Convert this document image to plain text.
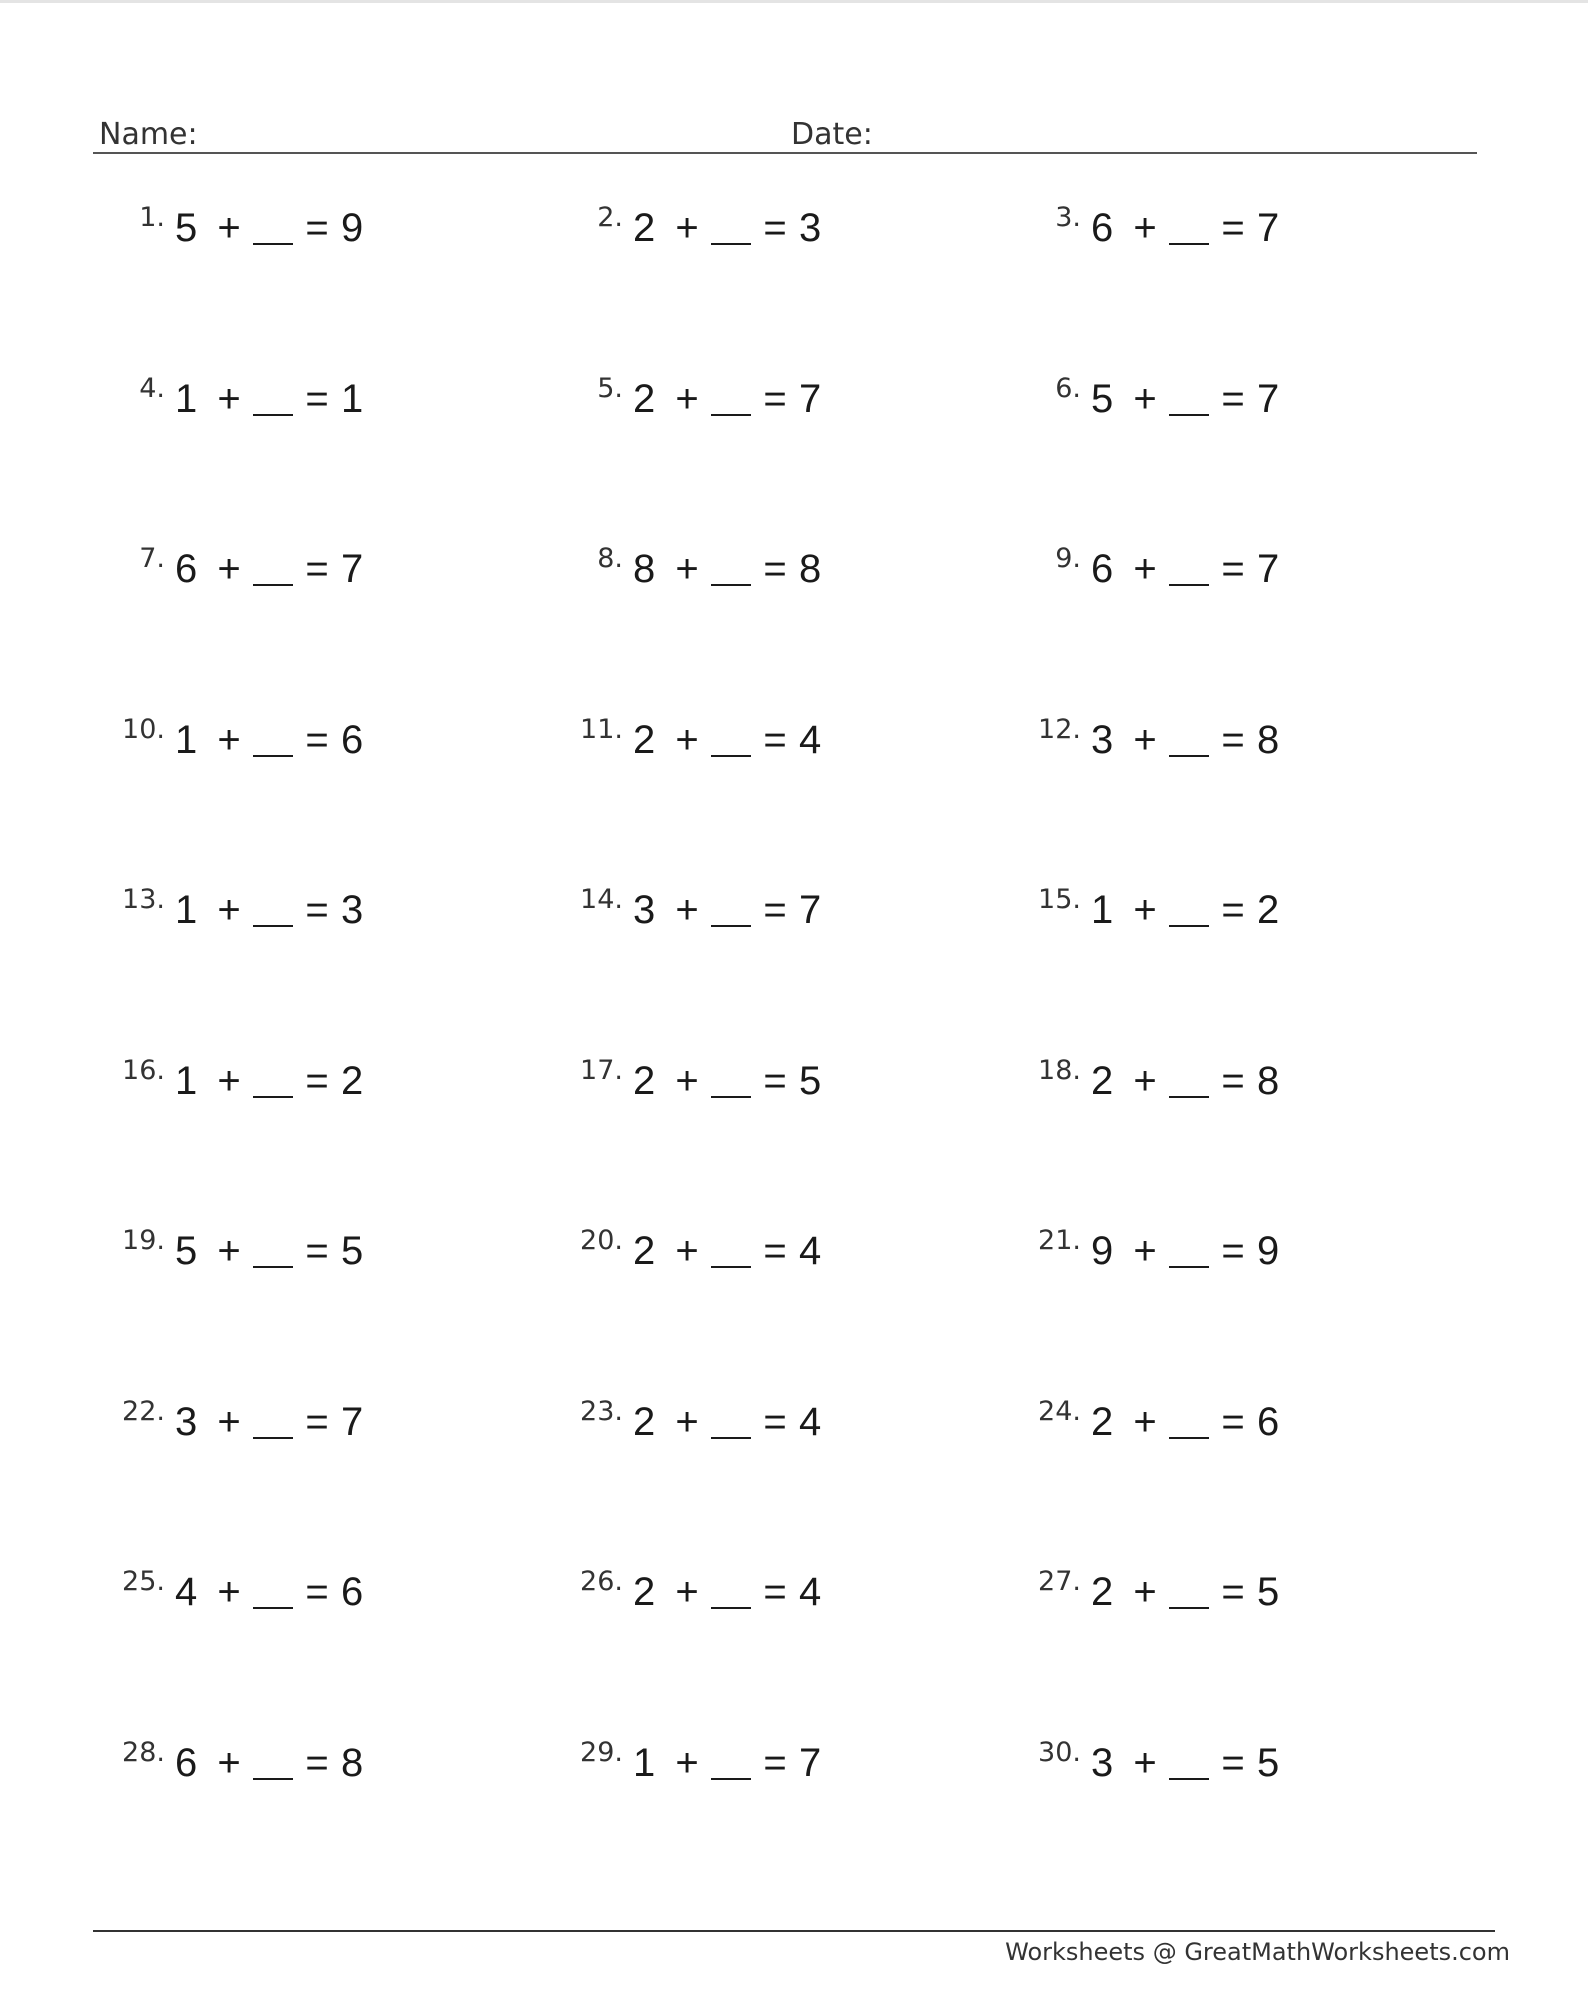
Name:	Date:
1. 5 + = 9	2. 2 + = 3	3. 6 + = 7
4. 1 + = 1	5. 2 + = 7	6. 5 + = 7
7. 6 + = 7	8. 8 + = 8	9. 6 + = 7
10. 1 + = 6	11. 2 + = 4	12. 3 + = 8
13. 1 + = 3	14. 3 + = 7	15. 1 + = 2
16. 1 + = 2	17. 2 + = 5	18. 2 + = 8
19. 5 + = 5	20. 2 + = 4	21. 9 + = 9
22. 3 + = 7	23. 2 + = 4	24. 2 + = 6
25. 4 + = 6	26. 2 + = 4	27. 2 + = 5
28. 6 + = 8	29. 1 + = 7	30. 3 + = 5
Worksheets @ GreatMathWorksheets.com
